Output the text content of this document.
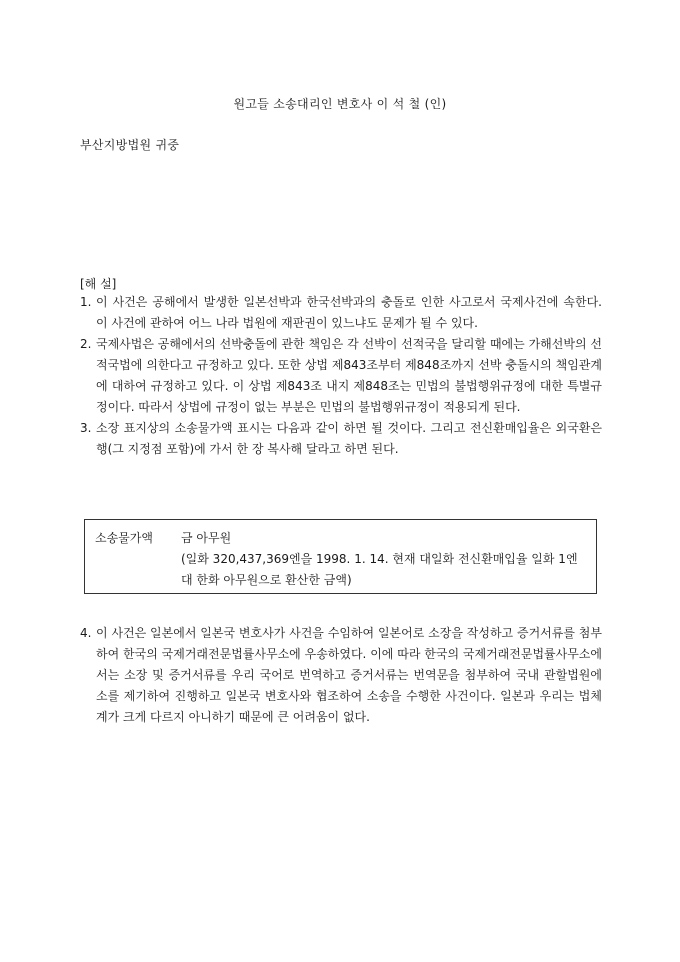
원고들 소송대리인 변호사 이 석 철 (인)
부산지방법원 귀중
[해 설]
1. 이 사건은 공해에서 발생한 일본선박과 한국선박과의 충돌로 인한 사고로서 국제사건에 속한다. 이 사건에 관하여 어느 나라 법원에 재판권이 있느냐도 문제가 될 수 있다.
2. 국제사법은 공해에서의 선박충돌에 관한 책임은 각 선박이 선적국을 달리할 때에는 가해선박의 선적국법에 의한다고 규정하고 있다. 또한 상법 제843조부터 제848조까지 선박 충돌시의 책임관계에 대하여 규정하고 있다. 이 상법 제843조 내지 제848조는 민법의 불법행위규정에 대한 특별규정이다. 따라서 상법에 규정이 없는 부분은 민법의 불법행위규정이 적용되게 된다.
3. 소장 표지상의 소송물가액 표시는 다음과 같이 하면 될 것이다. 그리고 전신환매입율은 외국환은행(그 지정점 포함)에 가서 한 장 복사해 달라고 하면 된다.
소송물가액 금 아무원
(일화 320,437,369엔을 1998. 1. 14. 현재 대일화 전신환매입율 일화 1엔 대 한화 아무원으로 환산한 금액)
4. 이 사건은 일본에서 일본국 변호사가 사건을 수임하여 일본어로 소장을 작성하고 증거서류를 첨부하여 한국의 국제거래전문법률사무소에 우송하였다. 이에 따라 한국의 국제거래전문법률사무소에서는 소장 및 증거서류를 우리 국어로 번역하고 증거서류는 번역문을 첨부하여 국내 관할법원에 소를 제기하여 진행하고 일본국 변호사와 협조하여 소송을 수행한 사건이다. 일본과 우리는 법체계가 크게 다르지 아니하기 때문에 큰 어려움이 없다.
